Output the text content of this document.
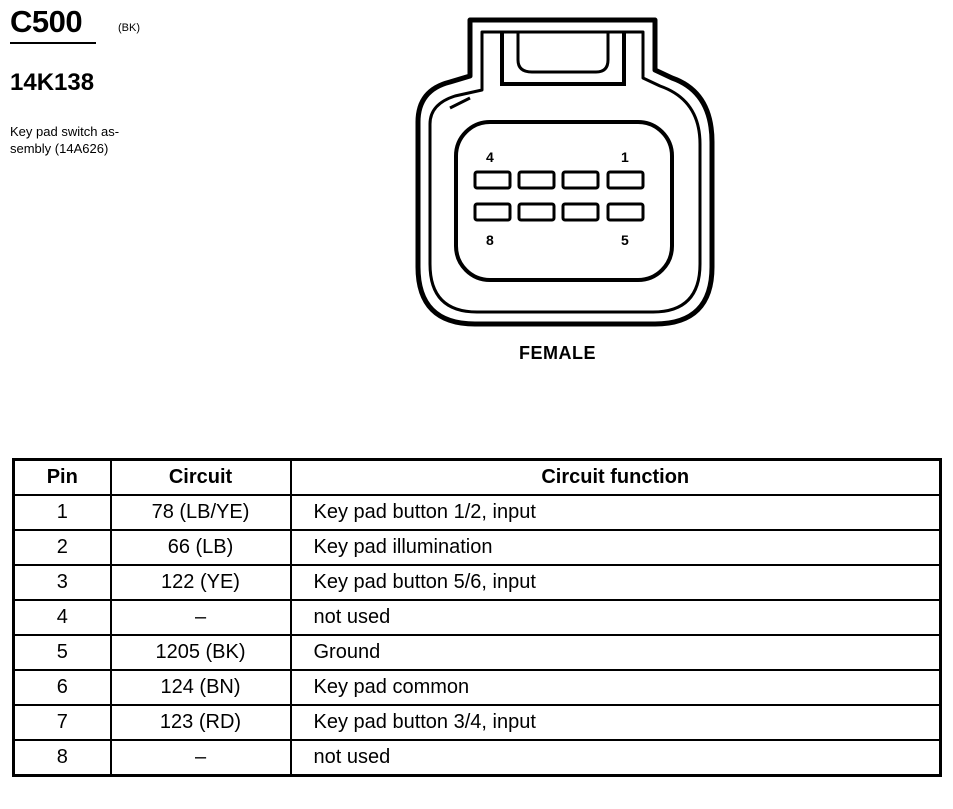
C500	(BK)
14K138
Key pad switch as-
sembly (14A626)
4	1
8	5
FEMALE
Pin	Circuit	Circuit function
1	78 (LB/YE)	Key pad button 1/2, input
2	66 (LB)	Key pad illumination
3	122 (YE)	Key pad button 5/6, input
4	–	not used
5	1205 (BK)	Ground
6	124 (BN)	Key pad common
7	123 (RD)	Key pad button 3/4, input
8	–	not used
